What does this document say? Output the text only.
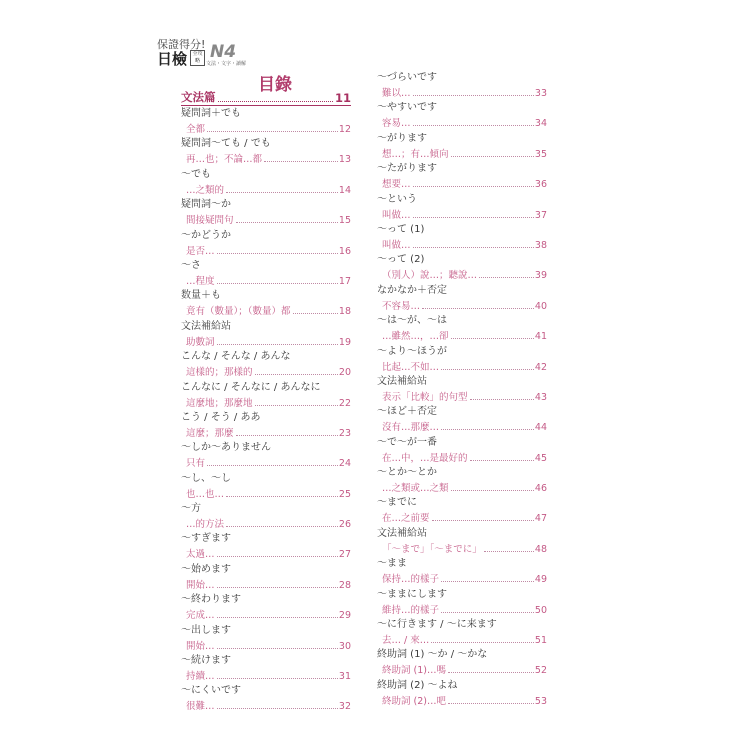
保證得分!
日檢	全攻略 N4
文法・文字・讀解
目錄
文法篇	11
疑問詞＋でも
全都	12
疑問詞〜ても / でも
再…也；不論…都	13
〜でも
…之類的	14
疑問詞〜か
間接疑問句	15
〜かどうか
是否…	16
〜さ
…程度	17
数量＋も
竟有（數量）；（數量）都	18
文法補給站
助數詞	19
こんな / そんな / あんな
這樣的；那樣的	20
こんなに / そんなに / あんなに
這麼地；那麼地	22
こう / そう / ああ
這麼；那麼	23
〜しか〜ありません
只有	24
〜し、〜し
也…也…	25
〜方
…的方法	26
〜すぎます
太過…	27
〜始めます
開始…	28
〜終わります
完成…	29
〜出します
開始…	30
〜続けます
持續…	31
〜にくいです
很難…	32
〜づらいです
難以…	33
〜やすいです
容易…	34
〜がります
想…；有…傾向	35
〜たがります
想要…	36
〜という
叫做…	37
〜って (1)
叫做…	38
〜って (2)
（別人）說…；聽說…	39
なかなか＋否定
不容易…	40
〜は〜が、〜は
…雖然…，…卻	41
〜より〜ほうが
比起…不如…	42
文法補給站
表示「比較」的句型	43
〜ほど＋否定
沒有…那麼…	44
〜で〜が一番
在…中，…是最好的	45
〜とか〜とか
…之類或…之類	46
〜までに
在…之前要	47
文法補給站
「〜まで」「〜までに」	48
〜まま
保持…的樣子	49
〜ままにします
維持…的樣子	50
〜に行きます / 〜に来ます
去… / 來…	51
終助詞 (1) 〜か / 〜かな
終助詞 (1)…嗎	52
終助詞 (2) 〜よね
終助詞 (2)…吧	53
